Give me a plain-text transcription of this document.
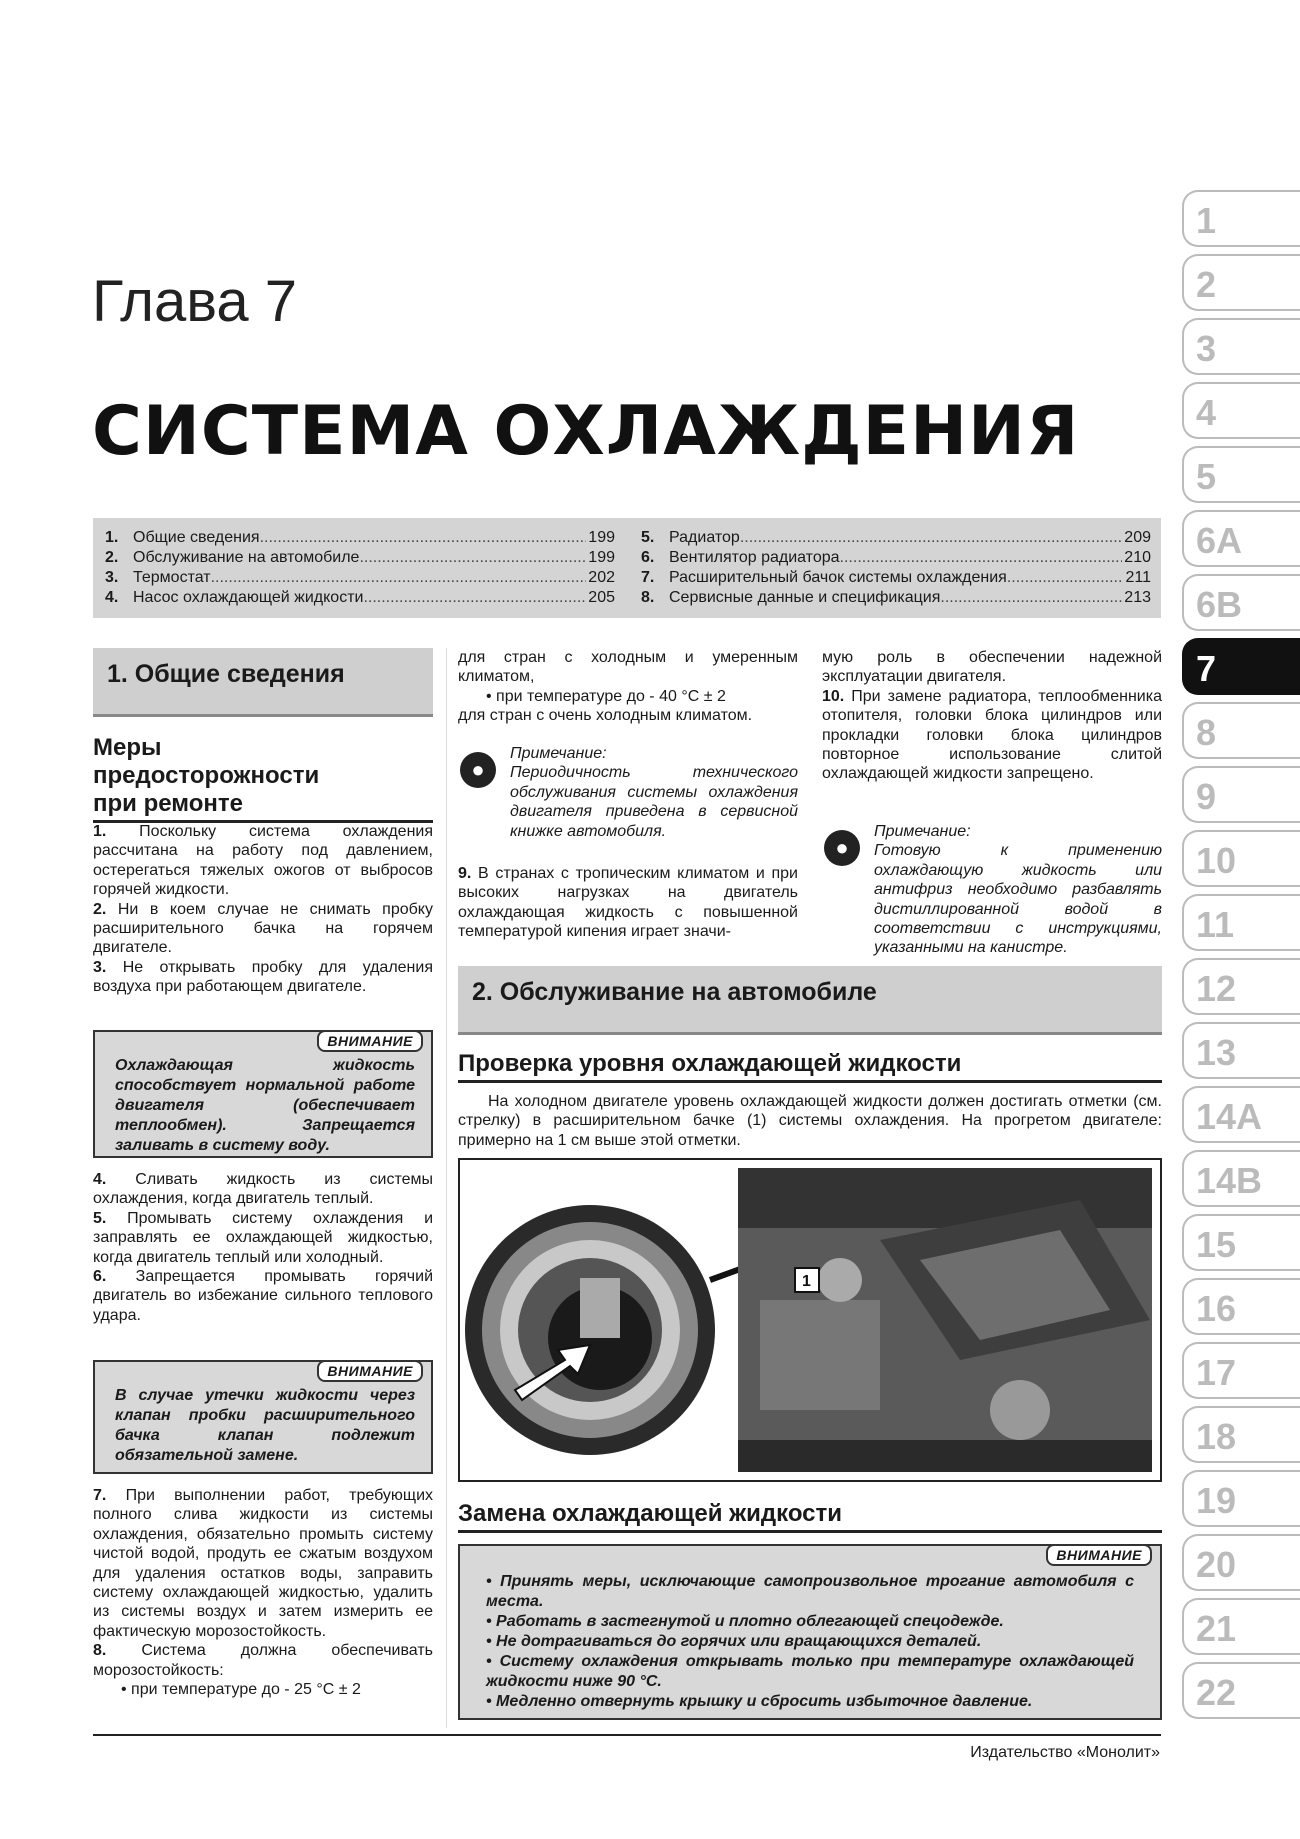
Глава 7
СИСТЕМА ОХЛАЖДЕНИЯ
1. Общие сведения .....	199
2. Обслуживание на автомобиле .....	199
3. Термостат .....	202
4. Насос охлаждающей жидкости .....	205
5. Радиатор .....	209
6. Вентилятор радиатора .....	210
7. Расширительный бачок системы охлаждения .....	211
8. Сервисные данные и спецификация .....	213
1. Общие сведения
Меры
предосторожности
при ремонте

1. Поскольку система охлаждения рассчитана на работу под давлением, остерегаться тяжелых ожогов от выбросов горячей жидкости.

2. Ни в коем случае не снимать пробку расширительного бачка на горячем двигателе.

3. Не открывать пробку для удаления воздуха при работающем двигателе.

ВНИМАНИЕ
Охлаждающая жидкость способствует нормальной работе двигателя (обеспечивает теплообмен). Запрещается заливать в систему воду.

4. Сливать жидкость из системы охлаждения, когда двигатель теплый.

5. Промывать систему охлаждения и заправлять ее охлаждающей жидкостью, когда двигатель теплый или холодный.

6. Запрещается промывать горячий двигатель во избежание сильного теплового удара.

ВНИМАНИЕ
В случае утечки жидкости через клапан пробки расширительного бачка клапан подлежит обязательной замене.

7. При выполнении работ, требующих полного слива жидкости из системы охлаждения, обязательно промыть систему чистой водой, продуть ее сжатым воздухом для удаления остатков воды, заправить систему охлаждающей жидкостью, удалить из системы воздух и затем измерить ее фактическую морозостойкость.

8. Система должна обеспечивать морозостойкость:

• при температуре до - 25 °С ± 2

для стран с холодным и умеренным климатом,

• при температуре до - 40 °С ± 2

для стран с очень холодным климатом.

●
Примечание:
Периодичность технического обслуживания системы охлаждения двигателя приведена в сервисной книжке автомобиля.

9. В странах с тропическим климатом и при высоких нагрузках на двигатель охлаждающая жидкость с повышенной температурой кипения играет значи-

мую роль в обеспечении надежной эксплуатации двигателя.

10. При замене радиатора, теплообменника отопителя, головки блока цилиндров или прокладки головки блока цилиндров повторное использование слитой охлаждающей жидкости запрещено.

●
Примечание:
Готовую к применению охлаждающую жидкость или антифриз необходимо разбавлять дистиллированной водой в соответствии с инструкциями, указанными на канистре.
2. Обслуживание на автомобиле
Проверка уровня охлаждающей жидкости
На холодном двигателе уровень охлаждающей жидкости должен достигать отметки (см. стрелку) в расширительном бачке (1) системы охлаждения. На прогретом двигателе: примерно на 1 см выше этой отметки.
1
Замена охлаждающей жидкости
ВНИМАНИЕ
• Принять меры, исключающие самопроизвольное трогание автомобиля с места.
• Работать в застегнутой и плотно облегающей спецодежде.
• Не дотрагиваться до горячих или вращающихся деталей.
• Систему охлаждения открывать только при температуре охлаждающей жидкости ниже 90 °С.
• Медленно отвернуть крышку и сбросить избыточное давление.
1
2
3
4
5
6A
6B
7
8
9
10
11
12
13
14A
14B
15
16
17
18
19
20
21
22
Издательство «Монолит»
